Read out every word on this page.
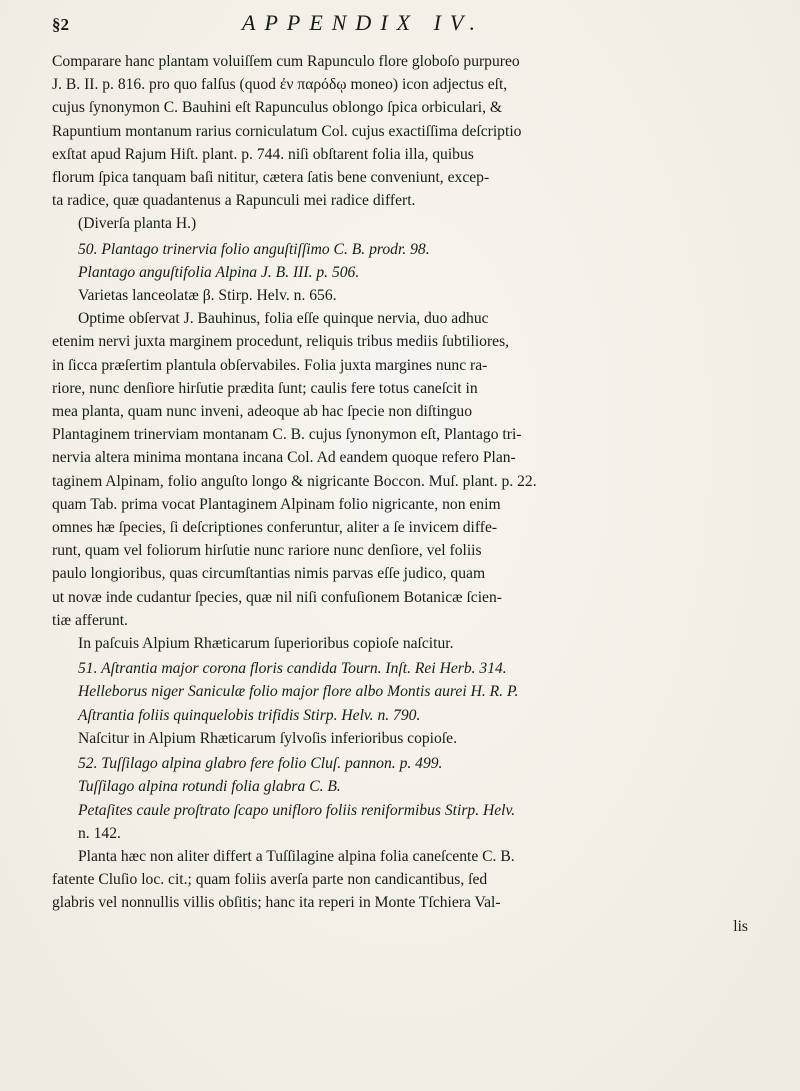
§2	APPENDIX IV.

Comparare hanc plantam voluiſſem cum Rapunculo flore globoſo purpureo
J. B. II. p. 816. pro quo falſus (quod ἐν παρόδῳ moneo) icon adjectus eſt,
cujus ſynonymon C. Bauhini eſt Rapunculus oblongo ſpica orbiculari, &
Rapuntium montanum rarius corniculatum Col. cujus exactiſſima deſcriptio
exſtat apud Rajum Hiſt. plant. p. 744. niſi obſtarent folia illa, quibus
florum ſpica tanquam baſi nititur, cætera ſatis bene conveniunt, excep-
ta radice, quæ quadantenus a Rapunculi mei radice differt.
(Diverſa planta H.)

50. Plantago trinervia folio anguſtiſſimo C. B. prodr. 98.
Plantago anguſtifolia Alpina J. B. III. p. 506.
Varietas lanceolatæ β. Stirp. Helv. n. 656.
Optime obſervat J. Bauhinus, folia eſſe quinque nervia, duo adhuc
etenim nervi juxta marginem procedunt, reliquis tribus mediis ſubtiliores,
in ſicca præſertim plantula obſervabiles. Folia juxta margines nunc ra-
riore, nunc denſiore hirſutie prædita ſunt; caulis fere totus caneſcit in
mea planta, quam nunc inveni, adeoque ab hac ſpecie non diſtinguo
Plantaginem trinerviam montanam C. B. cujus ſynonymon eſt, Plantago tri-
nervia altera minima montana incana Col. Ad eandem quoque refero Plan-
taginem Alpinam, folio anguſto longo & nigricante Boccon. Muſ. plant. p. 22.
quam Tab. prima vocat Plantaginem Alpinam folio nigricante, non enim
omnes hæ ſpecies, ſi deſcriptiones conferuntur, aliter a ſe invicem diffe-
runt, quam vel foliorum hirſutie nunc rariore nunc denſiore, vel foliis
paulo longioribus, quas circumſtantias nimis parvas eſſe judico, quam
ut novæ inde cudantur ſpecies, quæ nil niſi confuſionem Botanicæ ſcien-
tiæ afferunt.
In paſcuis Alpium Rhæticarum ſuperioribus copioſe naſcitur.

51. Aſtrantia major corona floris candida Tourn. Inſt. Rei Herb. 314.
Helleborus niger Saniculæ folio major flore albo Montis aurei H. R. P.
Aſtrantia foliis quinquelobis trifidis Stirp. Helv. n. 790.
Naſcitur in Alpium Rhæticarum ſylvoſis inferioribus copioſe.

52. Tuſſilago alpina glabro fere folio Cluſ. pannon. p. 499.
Tuſſilago alpina rotundi folia glabra C. B.
Petaſites caule proſtrato ſcapo unifloro foliis reniformibus Stirp. Helv.
n. 142.
Planta hæc non aliter differt a Tuſſilagine alpina folia caneſcente C. B.
fatente Cluſio loc. cit.; quam foliis averſa parte non candicantibus, ſed
glabris vel nonnullis villis obſitis; hanc ita reperi in Monte Tſchiera Val-
lis
